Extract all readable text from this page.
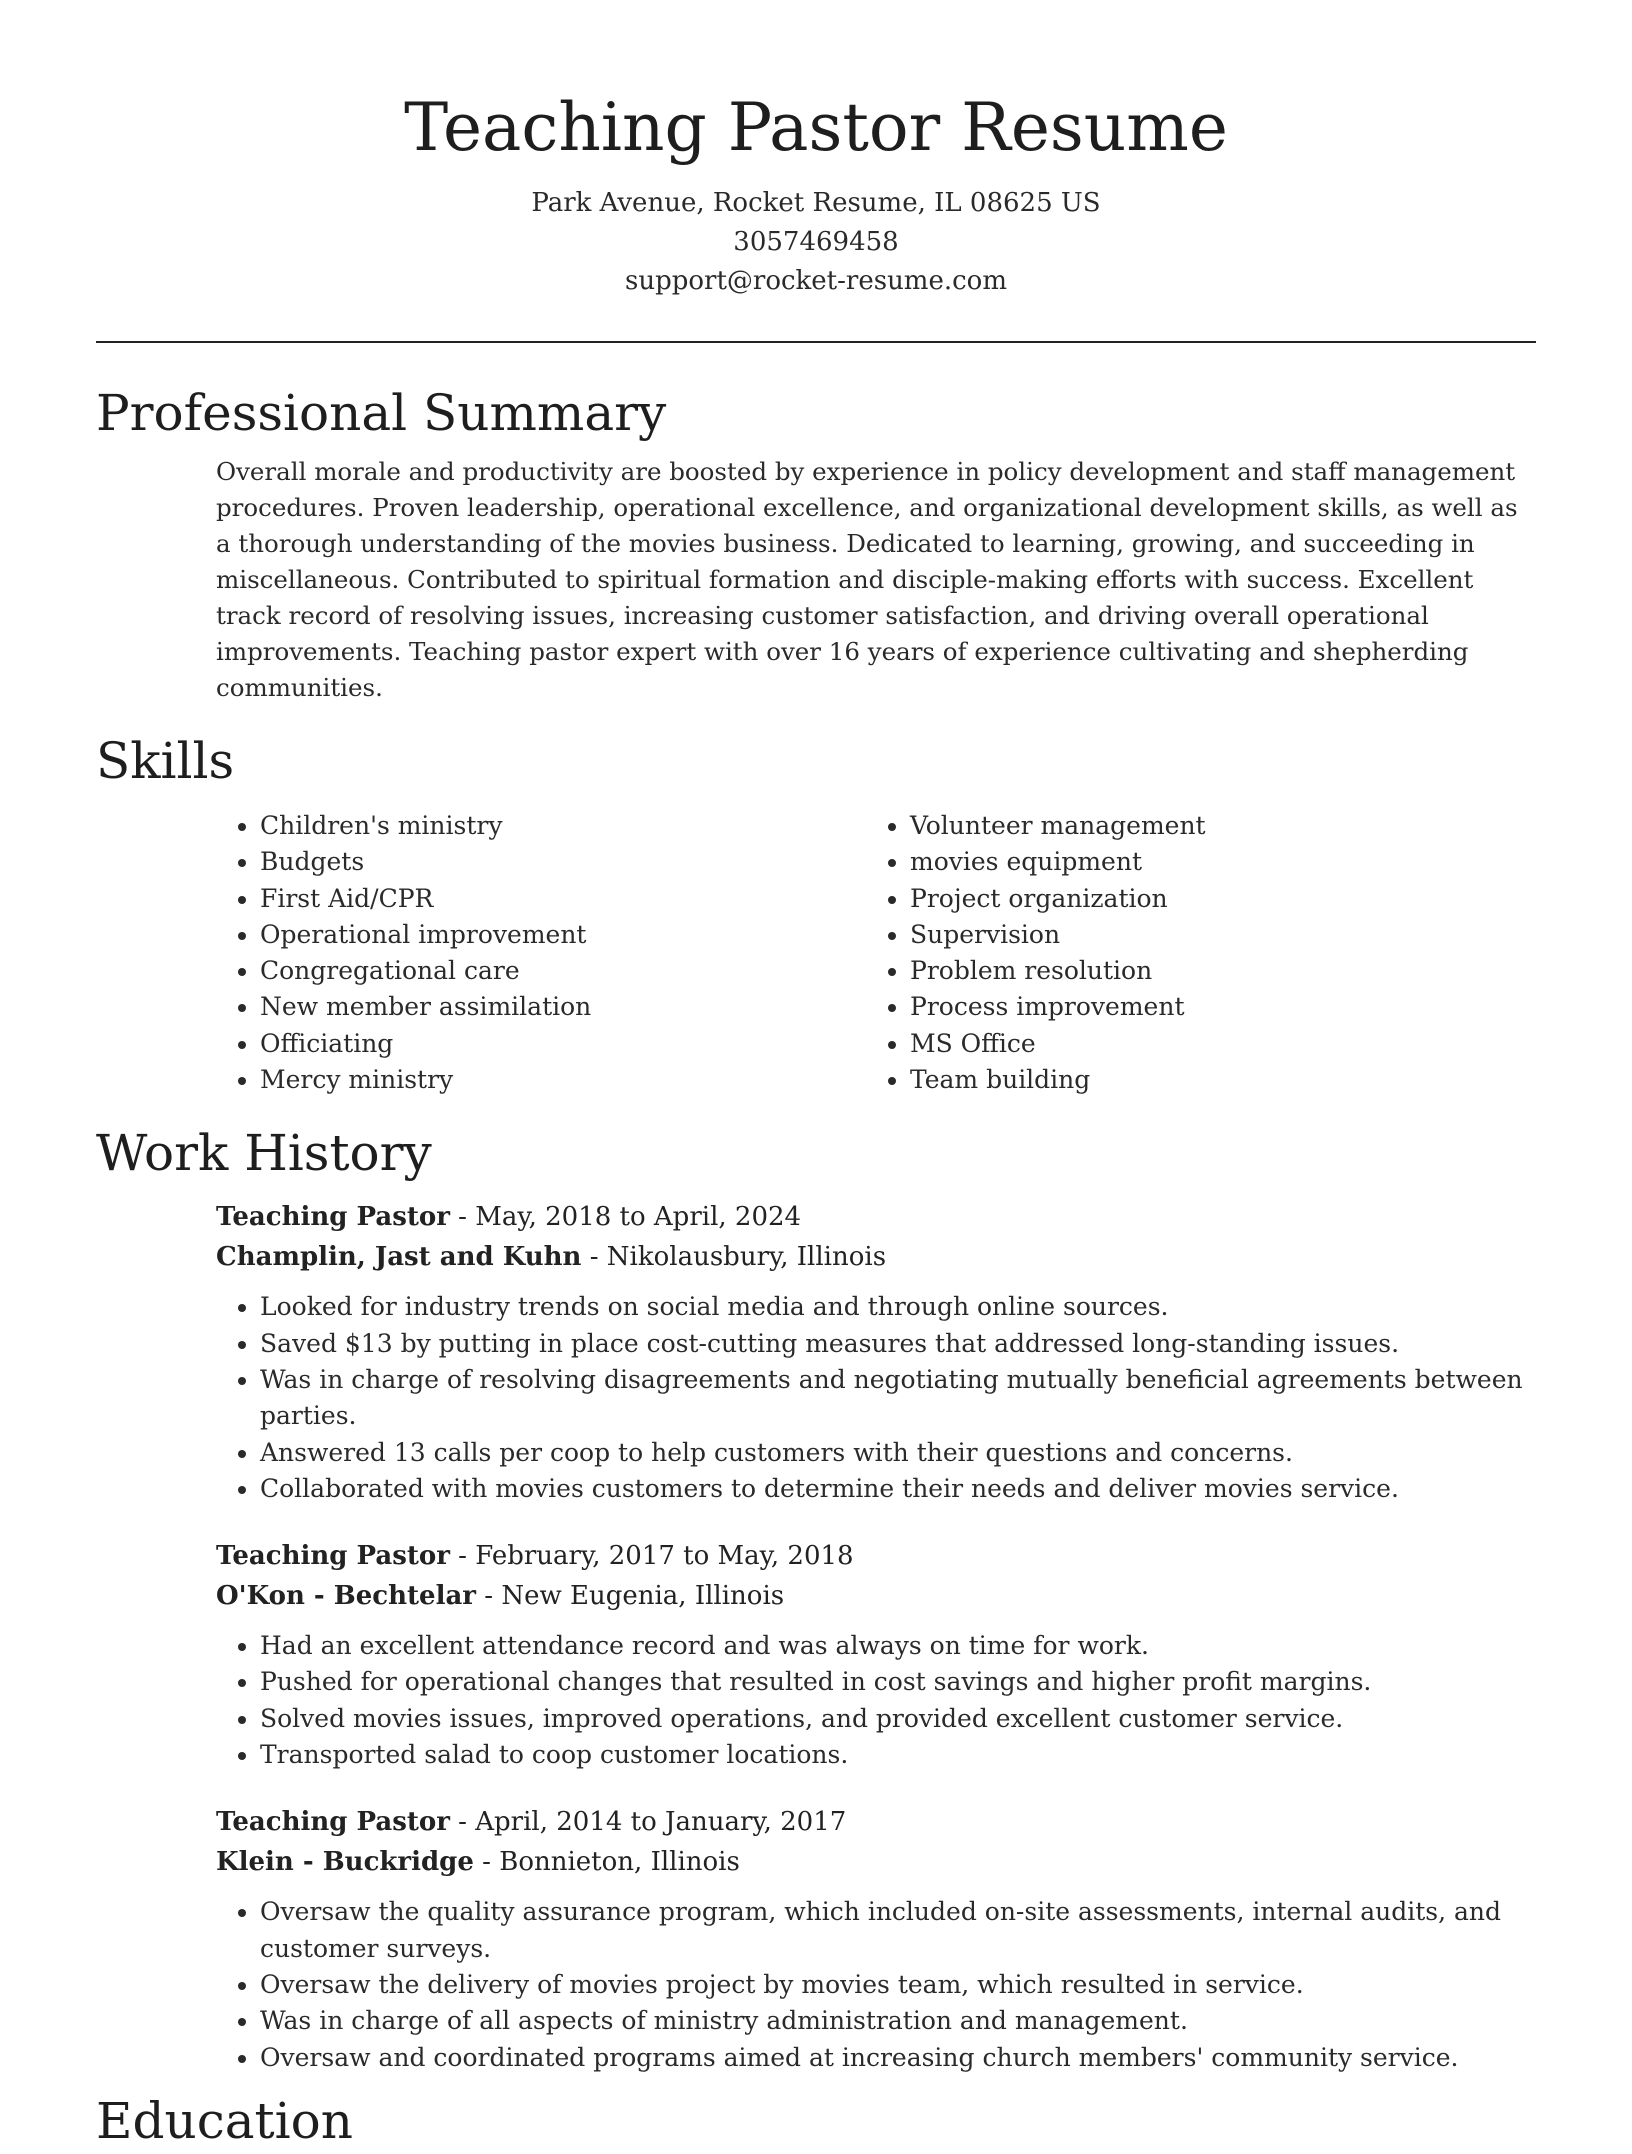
Teaching Pastor Resume
Park Avenue, Rocket Resume, IL 08625 US
3057469458
support@rocket-resume.com
Professional Summary

Overall morale and productivity are boosted by experience in policy development and staff management procedures. Proven leadership, operational excellence, and organizational development skills, as well as a thorough understanding of the movies business. Dedicated to learning, growing, and succeeding in miscellaneous. Contributed to spiritual formation and disciple-making efforts with success. Excellent track record of resolving issues, increasing customer satisfaction, and driving overall operational improvements. Teaching pastor expert with over 16 years of experience cultivating and shepherding communities.

Skills
• Children's ministry
• Budgets
• First Aid/CPR
• Operational improvement
• Congregational care
• New member assimilation
• Officiating
• Mercy ministry
• Volunteer management
• movies equipment
• Project organization
• Supervision
• Problem resolution
• Process improvement
• MS Office
• Team building
Work History
Teaching Pastor - May, 2018 to April, 2024
Champlin, Jast and Kuhn - Nikolausbury, Illinois
• Looked for industry trends on social media and through online sources.
• Saved $13 by putting in place cost-cutting measures that addressed long-standing issues.
• Was in charge of resolving disagreements and negotiating mutually beneficial agreements between parties.
• Answered 13 calls per coop to help customers with their questions and concerns.
• Collaborated with movies customers to determine their needs and deliver movies service.
Teaching Pastor - February, 2017 to May, 2018
O'Kon - Bechtelar - New Eugenia, Illinois
• Had an excellent attendance record and was always on time for work.
• Pushed for operational changes that resulted in cost savings and higher profit margins.
• Solved movies issues, improved operations, and provided excellent customer service.
• Transported salad to coop customer locations.
Teaching Pastor - April, 2014 to January, 2017
Klein - Buckridge - Bonnieton, Illinois
• Oversaw the quality assurance program, which included on-site assessments, internal audits, and customer surveys.
• Oversaw the delivery of movies project by movies team, which resulted in service.
• Was in charge of all aspects of ministry administration and management.
• Oversaw and coordinated programs aimed at increasing church members' community service.
Education
